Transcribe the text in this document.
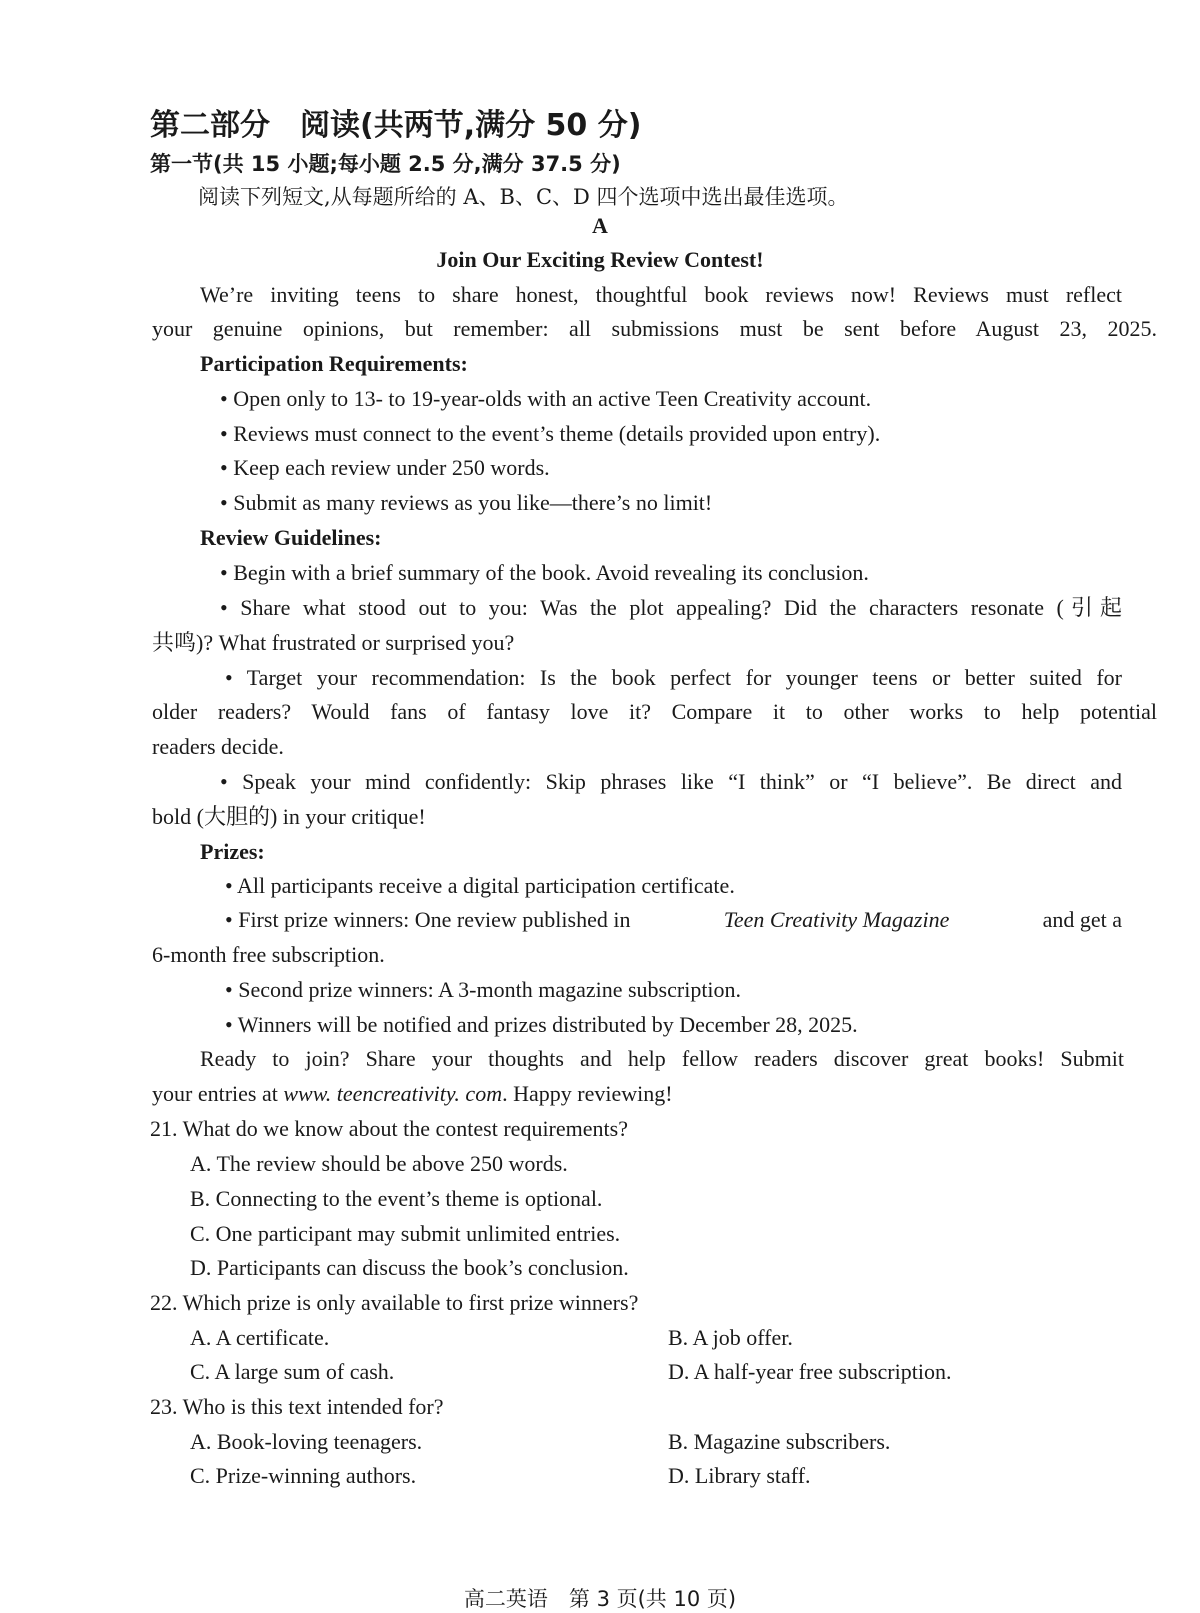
第二部分　阅读(共两节,满分 50 分)
第一节(共 15 小题;每小题 2.5 分,满分 37.5 分)
阅读下列短文,从每题所给的 A、B、C、D 四个选项中选出最佳选项。
A
Join Our Exciting Review Contest!
We’re inviting teens to share honest, thoughtful book reviews now! Reviews must reflect
your genuine opinions, but remember: all submissions must be sent before August 23, 2025.
Participation Requirements:
• Open only to 13- to 19-year-olds with an active Teen Creativity account.
• Reviews must connect to the event’s theme (details provided upon entry).
• Keep each review under 250 words.
• Submit as many reviews as you like—there’s no limit!
Review Guidelines:
• Begin with a brief summary of the book. Avoid revealing its conclusion.
• Share what stood out to you: Was the plot appealing? Did the characters resonate (引起
共鸣)? What frustrated or surprised you?
• Target your recommendation: Is the book perfect for younger teens or better suited for
older readers? Would fans of fantasy love it? Compare it to other works to help potential
readers decide.
• Speak your mind confidently: Skip phrases like “I think” or “I believe”. Be direct and
bold (大胆的) in your critique!
Prizes:
• All participants receive a digital participation certificate.
• First prize winners: One review published in	Teen Creativity Magazine	and get a
6-month free subscription.
• Second prize winners: A 3-month magazine subscription.
• Winners will be notified and prizes distributed by December 28, 2025.
Ready to join? Share your thoughts and help fellow readers discover great books! Submit
your entries at www. teencreativity. com. Happy reviewing!
21. What do we know about the contest requirements?
A. The review should be above 250 words.
B. Connecting to the event’s theme is optional.
C. One participant may submit unlimited entries.
D. Participants can discuss the book’s conclusion.
22. Which prize is only available to first prize winners?
A. A certificate.	B. A job offer.
C. A large sum of cash.	D. A half-year free subscription.
23. Who is this text intended for?
A. Book-loving teenagers.	B. Magazine subscribers.
C. Prize-winning authors.	D. Library staff.
高二英语　第 3 页(共 10 页)
